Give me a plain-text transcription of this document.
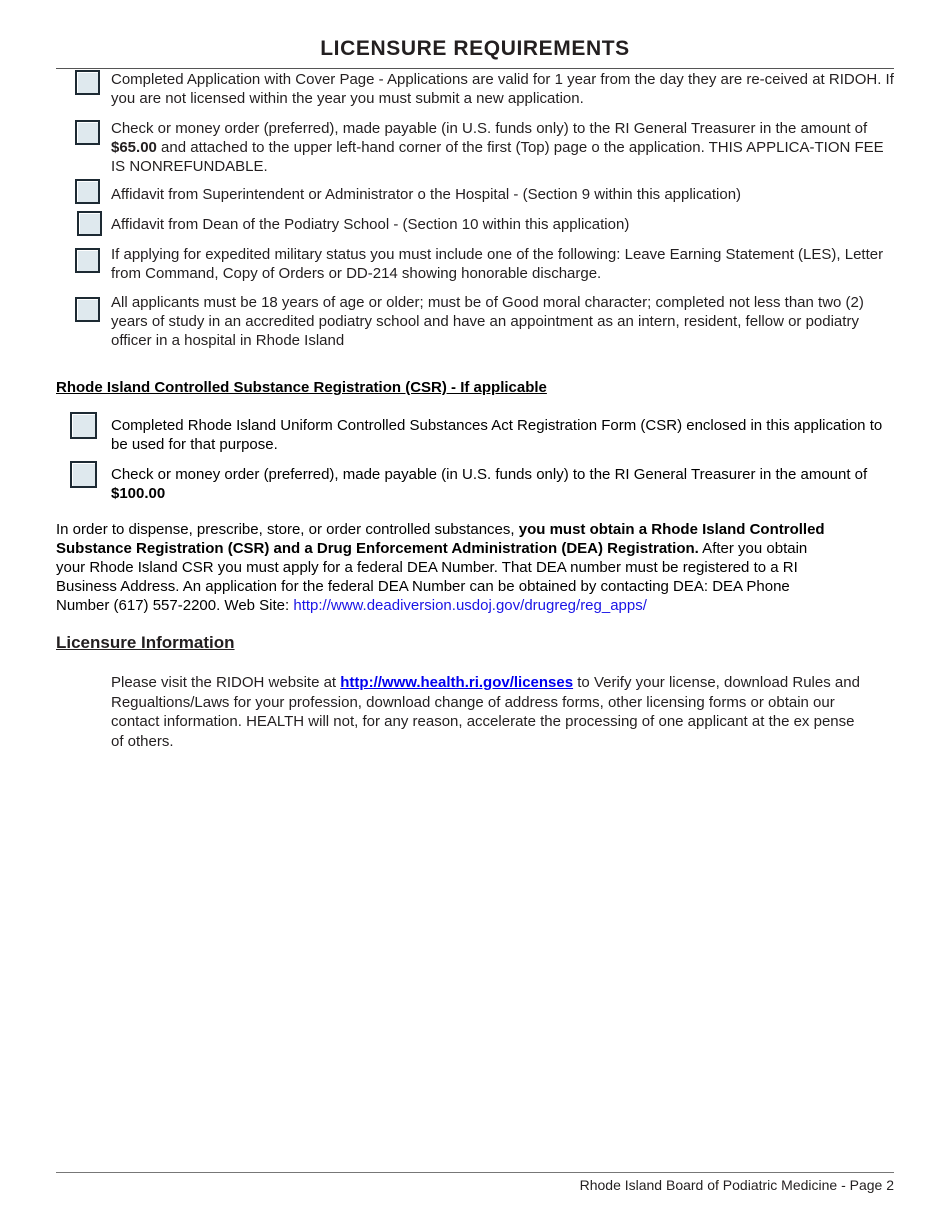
LICENSURE REQUIREMENTS
Completed Application with Cover Page - Applications are valid for 1 year from the day they are re-ceived at RIDOH. If you are not licensed within the year you must submit a new application.
Check or money order (preferred), made payable (in U.S. funds only) to the RI General Treasurer in the amount of $65.00 and attached to the upper left-hand corner of the first (Top) page o the application. THIS APPLICA-TION FEE IS NONREFUNDABLE.
Affidavit from Superintendent or Administrator o the Hospital - (Section 9 within this application)
Affidavit from Dean of the Podiatry School - (Section 10 within this application)
If applying for expedited military status you must include one of the following: Leave Earning Statement (LES), Letter from Command, Copy of Orders or DD-214 showing honorable discharge.
All applicants must be 18 years of age or older; must be of Good moral character; completed not less than two (2) years of study in an accredited podiatry school and have an appointment as an intern, resident, fellow or podiatry officer in a hospital in Rhode Island
Rhode Island Controlled Substance Registration (CSR) - If applicable
Completed Rhode Island Uniform Controlled Substances Act Registration Form (CSR) enclosed in this application to be used for that purpose.
Check or money order (preferred), made payable (in U.S. funds only) to the RI General Treasurer in the amount of $100.00
In order to dispense, prescribe, store, or order controlled substances, you must obtain a Rhode Island Controlled Substance Registration (CSR) and a Drug Enforcement Administration (DEA) Registration. After you obtain your Rhode Island CSR you must apply for a federal DEA Number. That DEA number must be registered to a RI Business Address. An application for the federal DEA Number can be obtained by contacting DEA: DEA Phone Number (617) 557-2200. Web Site: http://www.deadiversion.usdoj.gov/drugreg/reg_apps/
Licensure Information
Please visit the RIDOH website at http://www.health.ri.gov/licenses to Verify your license, download Rules and Regualtions/Laws for your profession, download change of address forms, other licensing forms or obtain our contact information. HEALTH will not, for any reason, accelerate the processing of one applicant at the ex pense of others.
Rhode Island Board of Podiatric Medicine - Page 2
